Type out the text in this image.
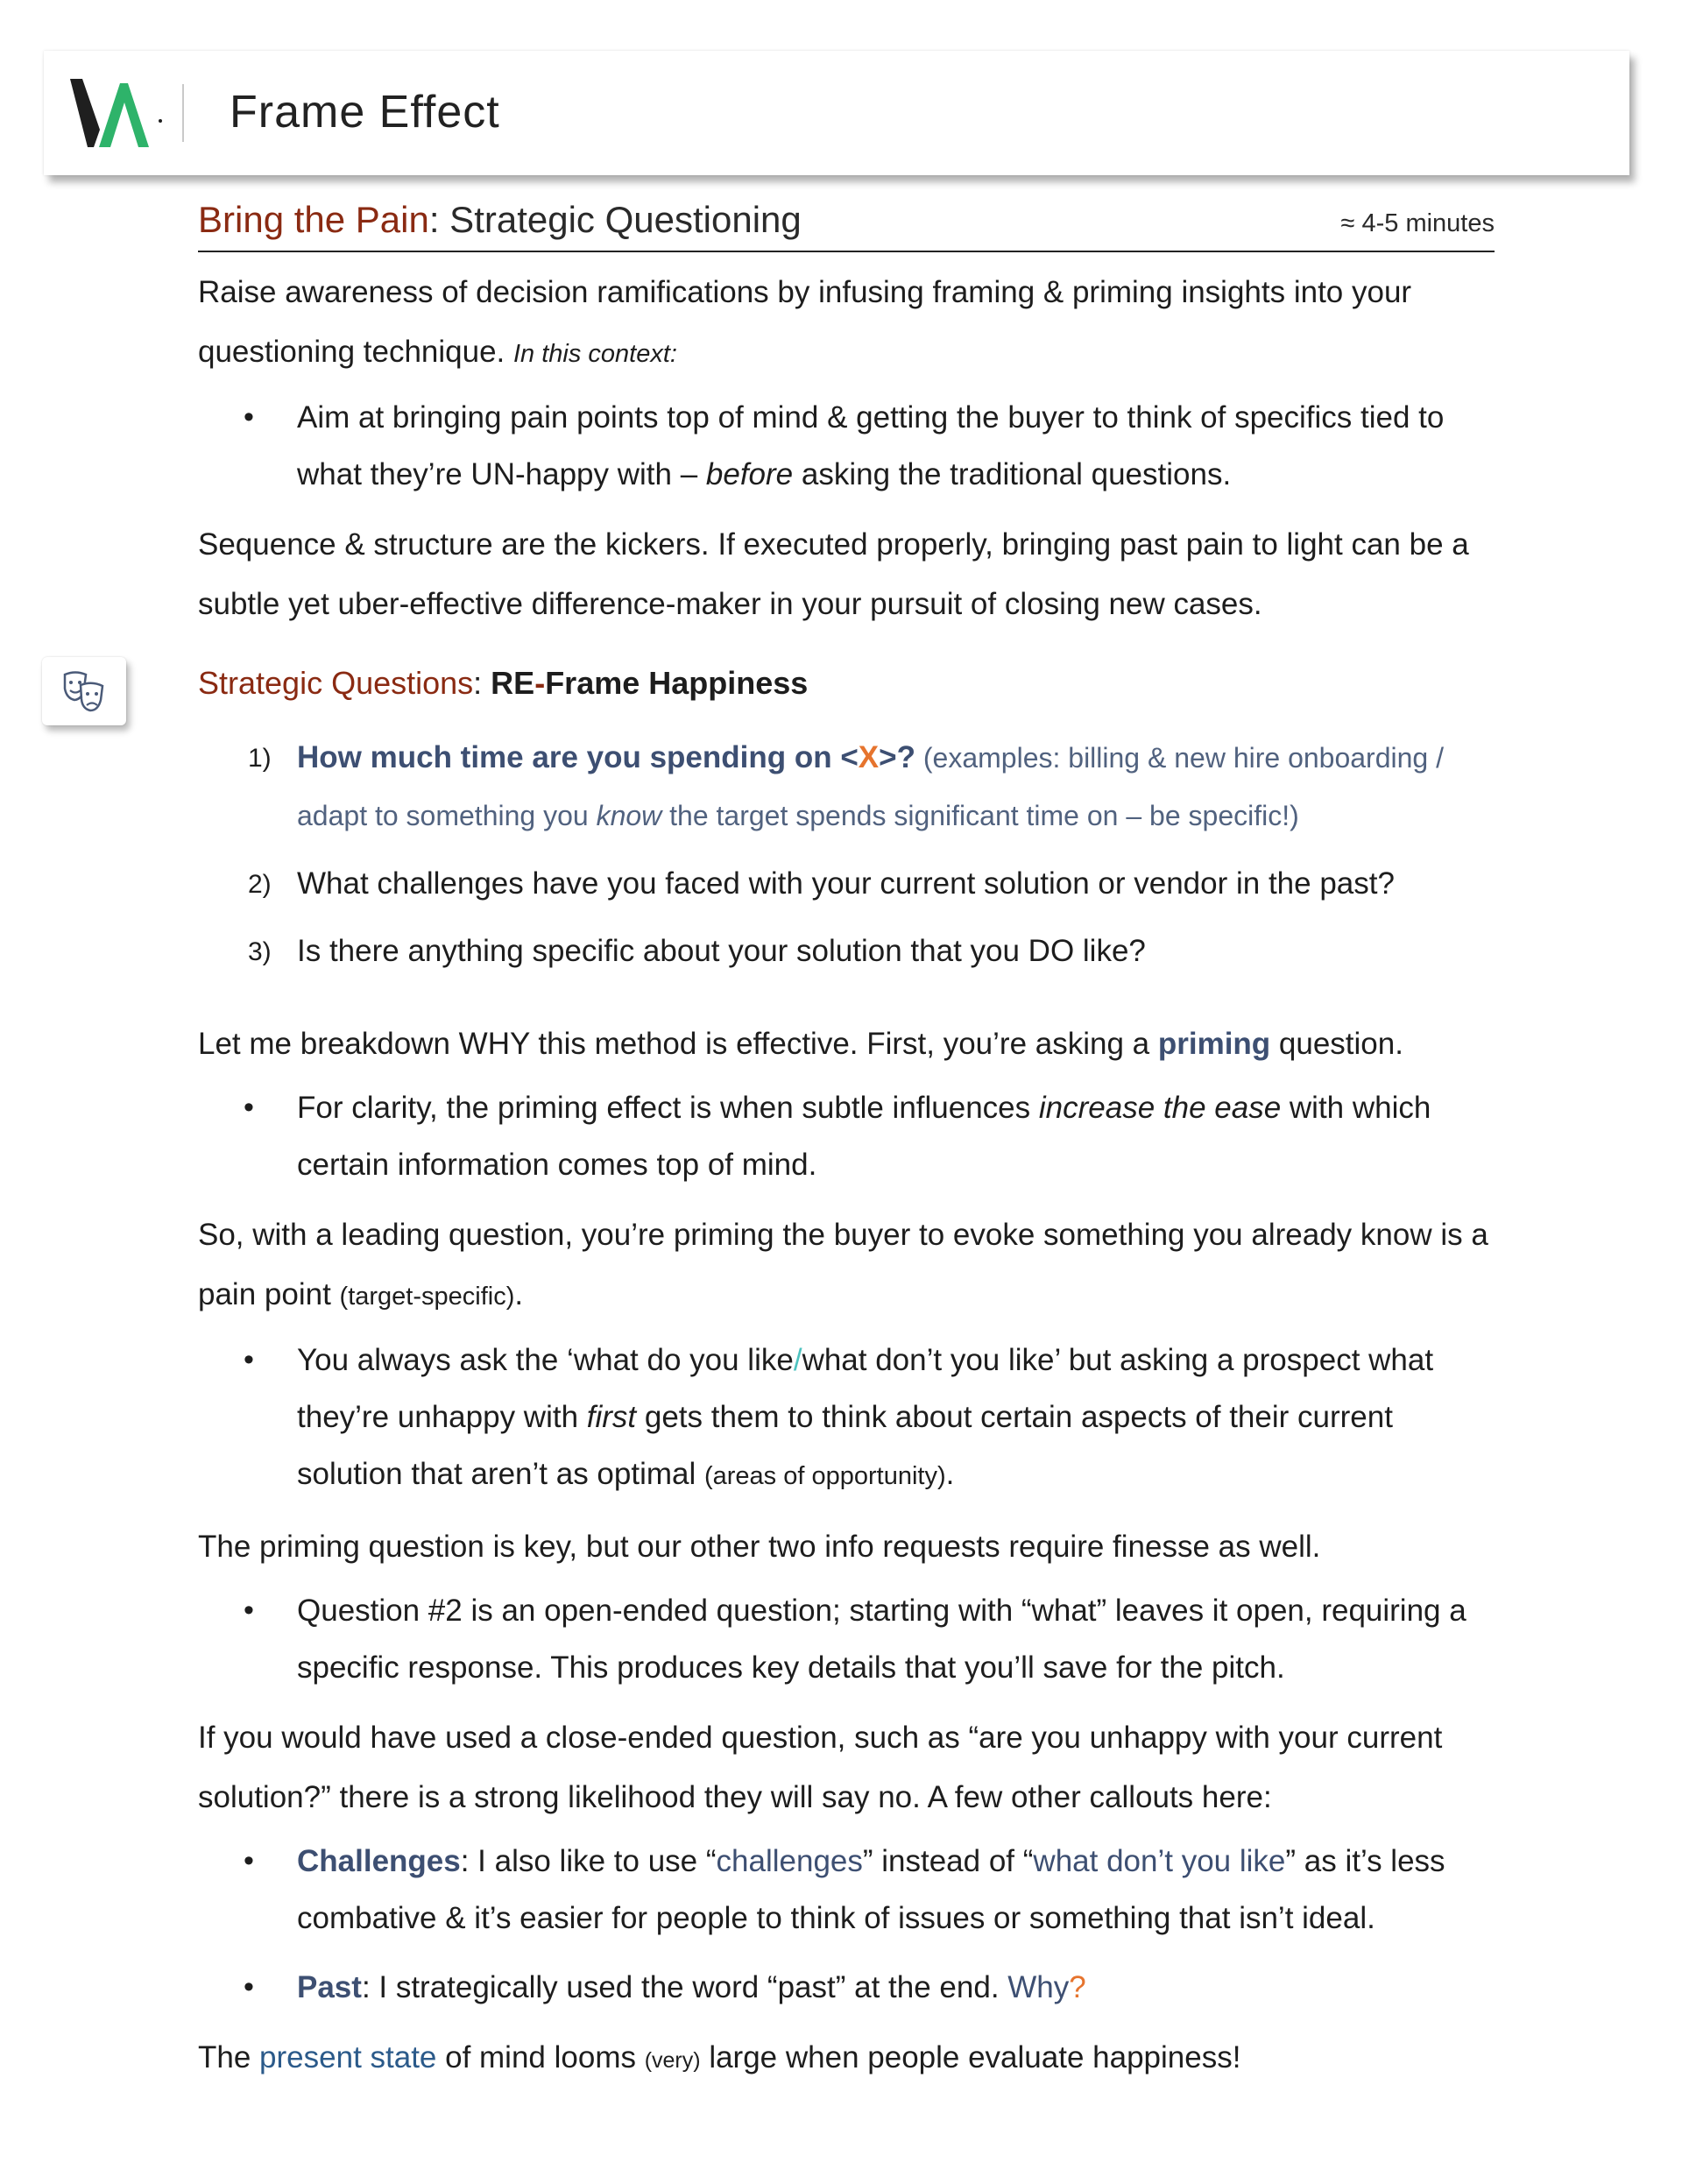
Frame Effect
Bring the Pain: Strategic Questioning	≈ 4-5 minutes

Raise awareness of decision ramifications by infusing framing & priming insights into your questioning technique. In this context:

• Aim at bringing pain points top of mind & getting the buyer to think of specifics tied to what they’re UN-happy with – before asking the traditional questions.

Sequence & structure are the kickers. If executed properly, bringing past pain to light can be a subtle yet uber-effective difference-maker in your pursuit of closing new cases.

Strategic Questions: RE-Frame Happiness

1) How much time are you spending on <X>? (examples: billing & new hire onboarding / adapt to something you know the target spends significant time on – be specific!)
2) What challenges have you faced with your current solution or vendor in the past?
3) Is there anything specific about your solution that you DO like?

Let me breakdown WHY this method is effective. First, you’re asking a priming question.

• For clarity, the priming effect is when subtle influences increase the ease with which certain information comes top of mind.

So, with a leading question, you’re priming the buyer to evoke something you already know is a pain point (target-specific).

• You always ask the ‘what do you like/what don’t you like’ but asking a prospect what they’re unhappy with first gets them to think about certain aspects of their current solution that aren’t as optimal (areas of opportunity).

The priming question is key, but our other two info requests require finesse as well.

• Question #2 is an open-ended question; starting with “what” leaves it open, requiring a specific response. This produces key details that you’ll save for the pitch.

If you would have used a close-ended question, such as “are you unhappy with your current solution?” there is a strong likelihood they will say no. A few other callouts here:

• Challenges: I also like to use “challenges” instead of “what don’t you like” as it’s less combative & it’s easier for people to think of issues or something that isn’t ideal.
• Past: I strategically used the word “past” at the end. Why?

The present state of mind looms (very) large when people evaluate happiness!
